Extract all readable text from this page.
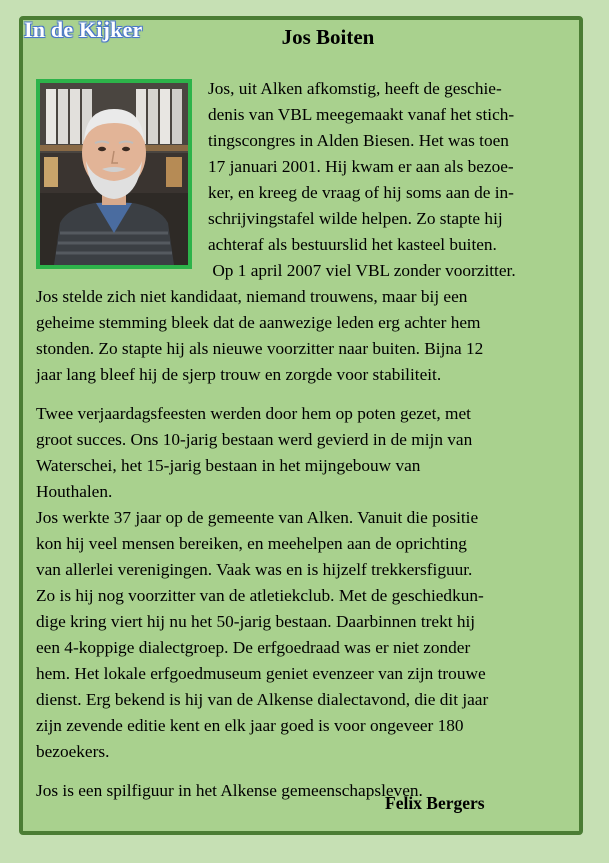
In de Kijker	Jos Boiten
Jos, uit Alken afkomstig, heeft de geschie-
denis van VBL meegemaakt vanaf het stich-
tingscongres in Alden Biesen. Het was toen
17 januari 2001. Hij kwam er aan als bezoe-
ker, en kreeg de vraag of hij soms aan de in-
schrijvingstafel wilde helpen. Zo stapte hij
achteraf als bestuurslid het kasteel buiten.
Op 1 april 2007 viel VBL zonder voorzitter.

Jos stelde zich niet kandidaat, niemand trouwens, maar bij een
geheime stemming bleek dat de aanwezige leden erg achter hem
stonden. Zo stapte hij als nieuwe voorzitter naar buiten. Bijna 12
jaar lang bleef hij de sjerp trouw en zorgde voor stabiliteit.

Twee verjaardagsfeesten werden door hem op poten gezet, met
groot succes. Ons 10-jarig bestaan werd gevierd in de mijn van
Waterschei, het 15-jarig bestaan in het mijngebouw van
Houthalen.
Jos werkte 37 jaar op de gemeente van Alken. Vanuit die positie
kon hij veel mensen bereiken, en meehelpen aan de oprichting
van allerlei verenigingen. Vaak was en is hijzelf trekkersfiguur.
Zo is hij nog voorzitter van de atletiekclub. Met de geschiedkun-
dige kring viert hij nu het 50-jarig bestaan. Daarbinnen trekt hij
een 4-koppige dialectgroep. De erfgoedraad was er niet zonder
hem. Het lokale erfgoedmuseum geniet evenzeer van zijn trouwe
dienst. Erg bekend is hij van de Alkense dialectavond, die dit jaar
zijn zevende editie kent en elk jaar goed is voor ongeveer 180
bezoekers.

Jos is een spilfiguur in het Alkense gemeenschapsleven.

Felix Bergers
